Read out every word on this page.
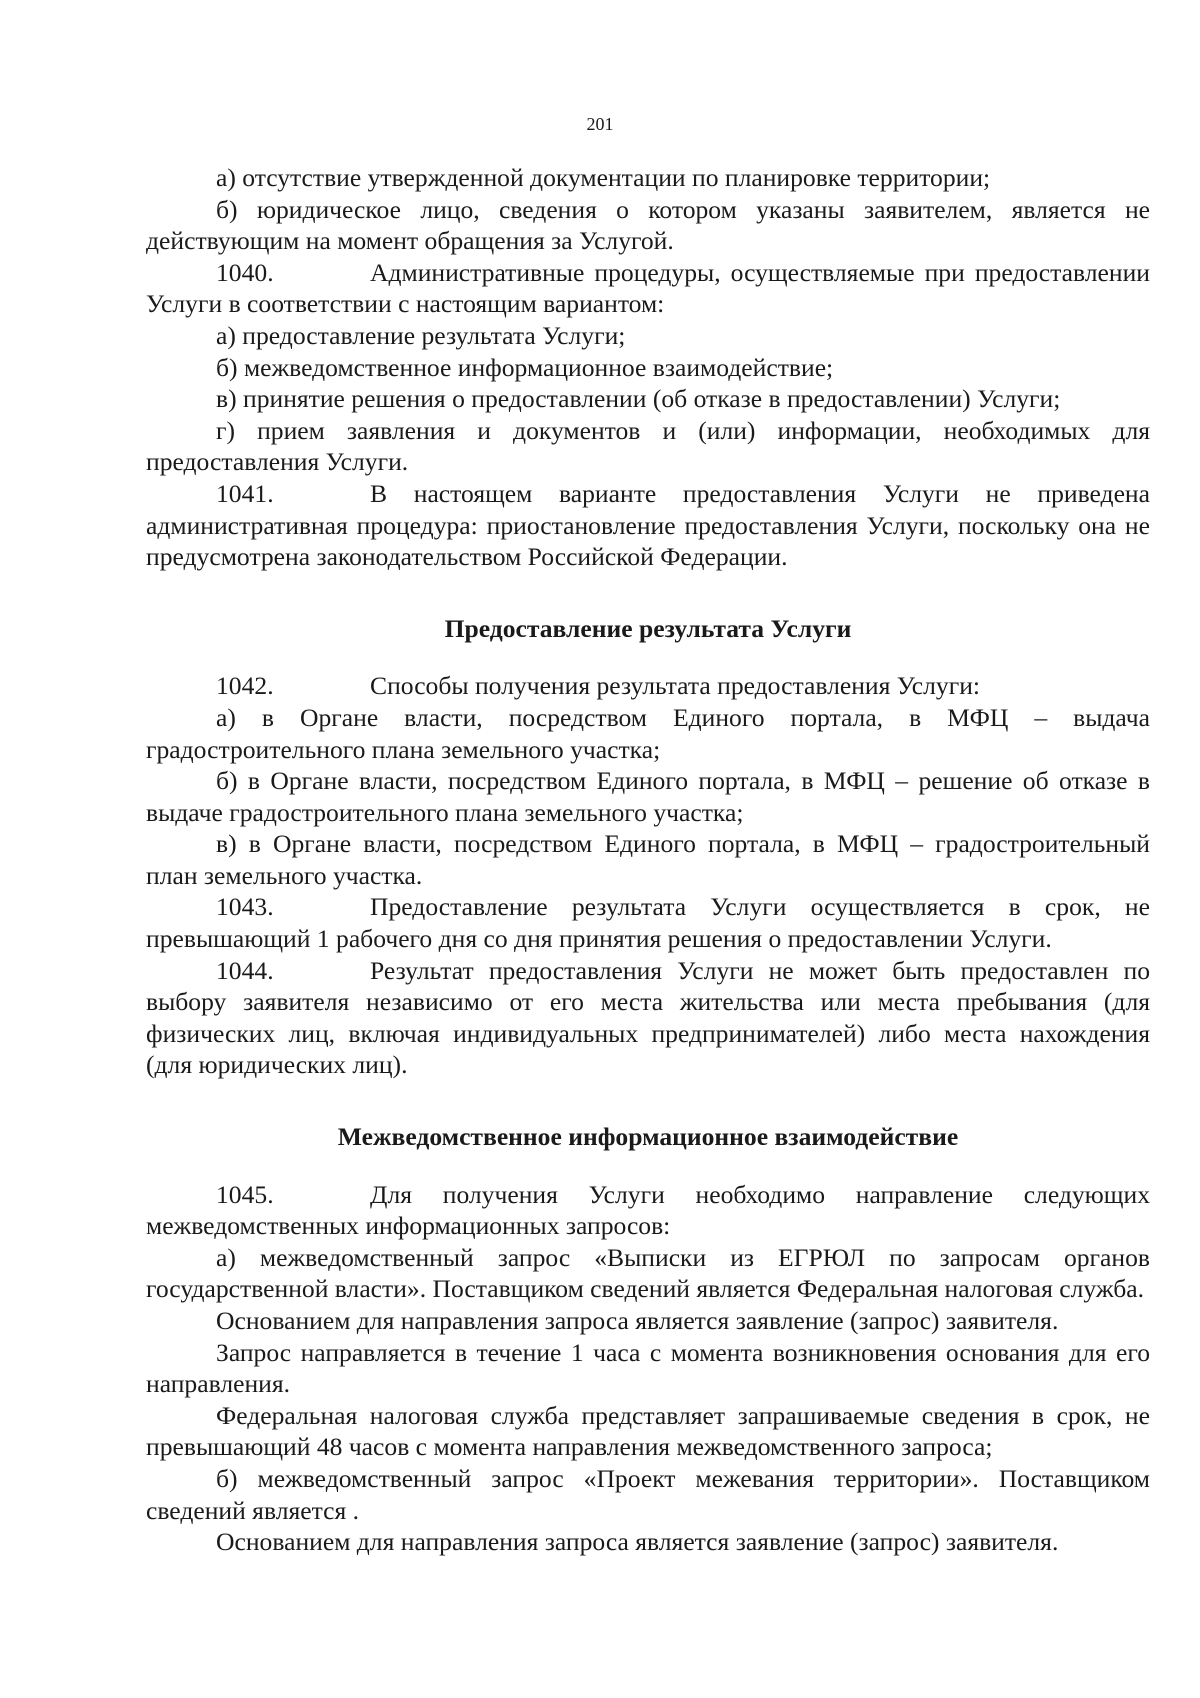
201

а) отсутствие утвержденной документации по планировке территории;

б) юридическое лицо, сведения о котором указаны заявителем, является не действующим на момент обращения за Услугой.

1040.	Административные процедуры, осуществляемые при предоставлении Услуги в соответствии с настоящим вариантом:

а) предоставление результата Услуги;

б) межведомственное информационное взаимодействие;

в) принятие решения о предоставлении (об отказе в предоставлении) Услуги;

г) прием заявления и документов и (или) информации, необходимых для предоставления Услуги.

1041.	В настоящем варианте предоставления Услуги не приведена административная процедура: приостановление предоставления Услуги, поскольку она не предусмотрена законодательством Российской Федерации.

Предоставление результата Услуги

1042.	Способы получения результата предоставления Услуги:

а) в Органе власти, посредством Единого портала, в МФЦ – выдача градостроительного плана земельного участка;

б) в Органе власти, посредством Единого портала, в МФЦ – решение об отказе в выдаче градостроительного плана земельного участка;

в) в Органе власти, посредством Единого портала, в МФЦ – градостроительный план земельного участка.

1043.	Предоставление результата Услуги осуществляется в срок, не превышающий 1 рабочего дня со дня принятия решения о предоставлении Услуги.

1044.	Результат предоставления Услуги не может быть предоставлен по выбору заявителя независимо от его места жительства или места пребывания (для физических лиц, включая индивидуальных предпринимателей) либо места нахождения (для юридических лиц).

Межведомственное информационное взаимодействие

1045.	Для получения Услуги необходимо направление следующих межведомственных информационных запросов:

а) межведомственный запрос «Выписки из ЕГРЮЛ по запросам органов государственной власти». Поставщиком сведений является Федеральная налоговая служба.

Основанием для направления запроса является заявление (запрос) заявителя.

Запрос направляется в течение 1 часа с момента возникновения основания для его направления.

Федеральная налоговая служба представляет запрашиваемые сведения в срок, не превышающий 48 часов с момента направления межведомственного запроса;

б) межведомственный запрос «Проект межевания территории». Поставщиком сведений является .

Основанием для направления запроса является заявление (запрос) заявителя.
